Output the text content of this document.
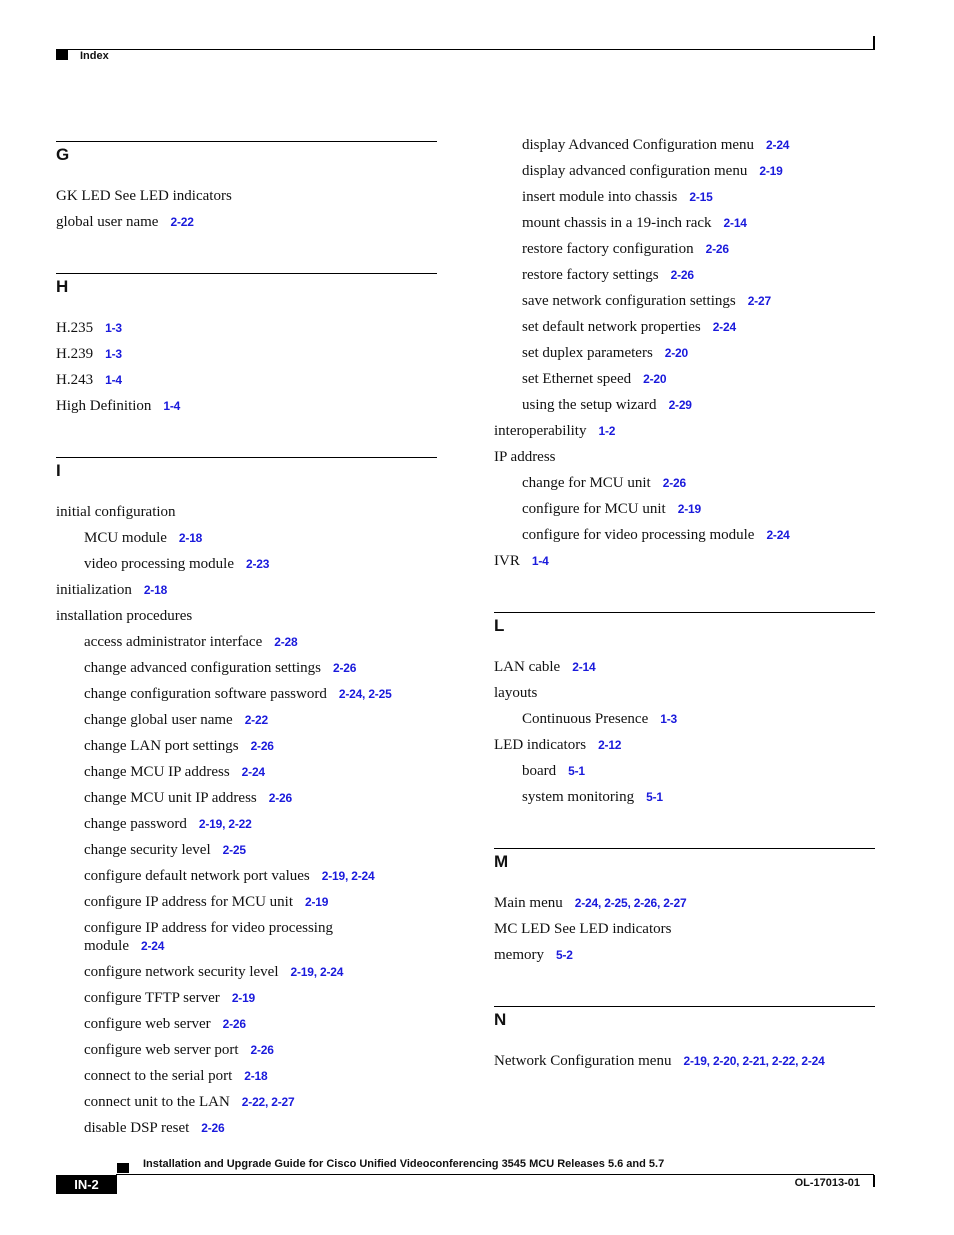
Index
G
GK LED See LED indicators
global user name 2-22
H
H.235 1-3
H.239 1-3
H.243 1-4
High Definition 1-4
I
initial configuration
MCU module 2-18
video processing module 2-23
initialization 2-18
installation procedures
access administrator interface 2-28
change advanced configuration settings 2-26
change configuration software password 2-24, 2-25
change global user name 2-22
change LAN port settings 2-26
change MCU IP address 2-24
change MCU unit IP address 2-26
change password 2-19, 2-22
change security level 2-25
configure default network port values 2-19, 2-24
configure IP address for MCU unit 2-19
configure IP address for video processing module 2-24
configure network security level 2-19, 2-24
configure TFTP server 2-19
configure web server 2-26
configure web server port 2-26
connect to the serial port 2-18
connect unit to the LAN 2-22, 2-27
disable DSP reset 2-26
display Advanced Configuration menu 2-24
display advanced configuration menu 2-19
insert module into chassis 2-15
mount chassis in a 19-inch rack 2-14
restore factory configuration 2-26
restore factory settings 2-26
save network configuration settings 2-27
set default network properties 2-24
set duplex parameters 2-20
set Ethernet speed 2-20
using the setup wizard 2-29
interoperability 1-2
IP address
change for MCU unit 2-26
configure for MCU unit 2-19
configure for video processing module 2-24
IVR 1-4
L
LAN cable 2-14
layouts
Continuous Presence 1-3
LED indicators 2-12
board 5-1
system monitoring 5-1
M
Main menu 2-24, 2-25, 2-26, 2-27
MC LED See LED indicators
memory 5-2
N
Network Configuration menu 2-19, 2-20, 2-21, 2-22, 2-24
Installation and Upgrade Guide for Cisco Unified Videoconferencing 3545 MCU Releases 5.6 and 5.7
IN-2	OL-17013-01
